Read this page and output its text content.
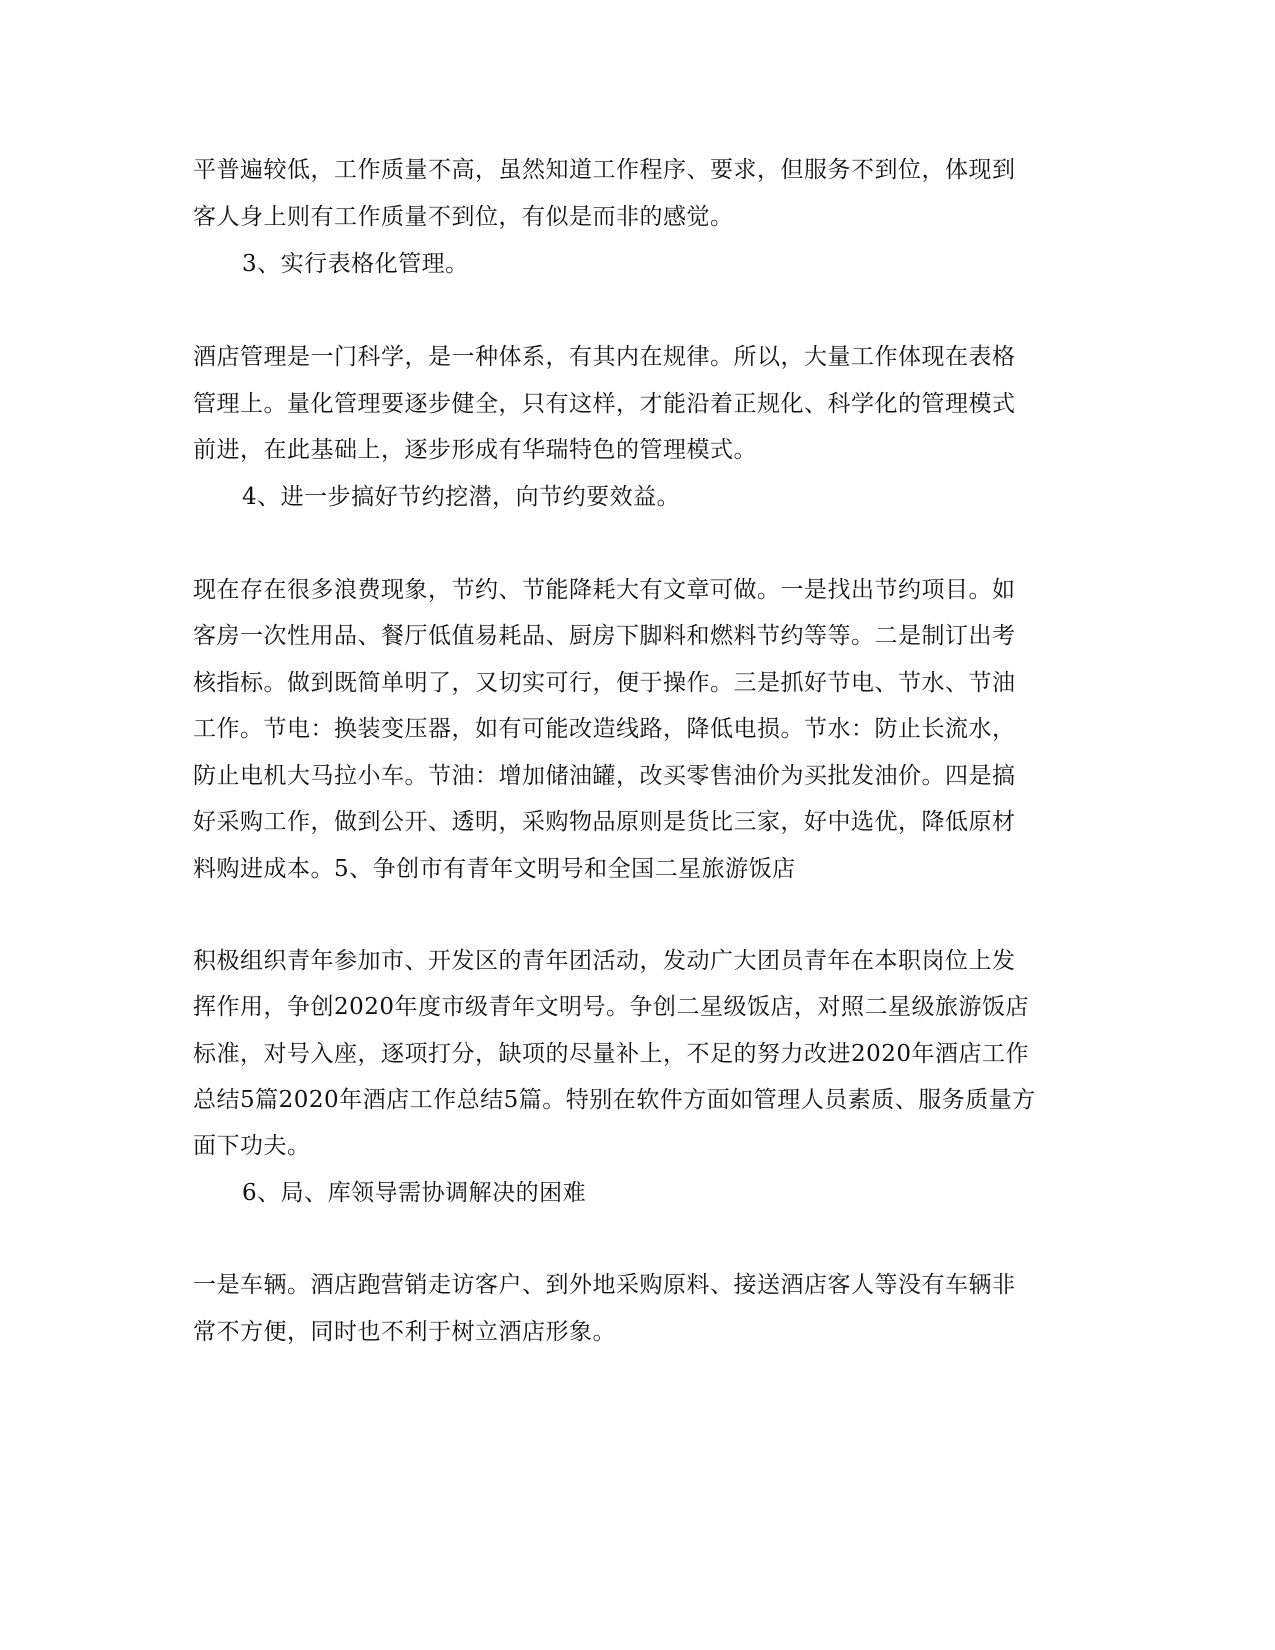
平普遍较低，工作质量不高，虽然知道工作程序、要求，但服务不到位，体现到
客人身上则有工作质量不到位，有似是而非的感觉。
3、实行表格化管理。
酒店管理是一门科学，是一种体系，有其内在规律。所以，大量工作体现在表格
管理上。量化管理要逐步健全，只有这样，才能沿着正规化、科学化的管理模式
前进，在此基础上，逐步形成有华瑞特色的管理模式。
4、进一步搞好节约挖潜，向节约要效益。
现在存在很多浪费现象，节约、节能降耗大有文章可做。一是找出节约项目。如
客房一次性用品、餐厅低值易耗品、厨房下脚料和燃料节约等等。二是制订出考
核指标。做到既简单明了，又切实可行，便于操作。三是抓好节电、节水、节油
工作。节电：换装变压器，如有可能改造线路，降低电损。节水：防止长流水，
防止电机大马拉小车。节油：增加储油罐，改买零售油价为买批发油价。四是搞
好采购工作，做到公开、透明，采购物品原则是货比三家，好中选优，降低原材
料购进成本。5、争创市有青年文明号和全国二星旅游饭店
积极组织青年参加市、开发区的青年团活动，发动广大团员青年在本职岗位上发
挥作用，争创2020年度市级青年文明号。争创二星级饭店，对照二星级旅游饭店
标准，对号入座，逐项打分，缺项的尽量补上，不足的努力改进2020年酒店工作
总结5篇2020年酒店工作总结5篇。特别在软件方面如管理人员素质、服务质量方
面下功夫。
6、局、库领导需协调解决的困难
一是车辆。酒店跑营销走访客户、到外地采购原料、接送酒店客人等没有车辆非
常不方便，同时也不利于树立酒店形象。
